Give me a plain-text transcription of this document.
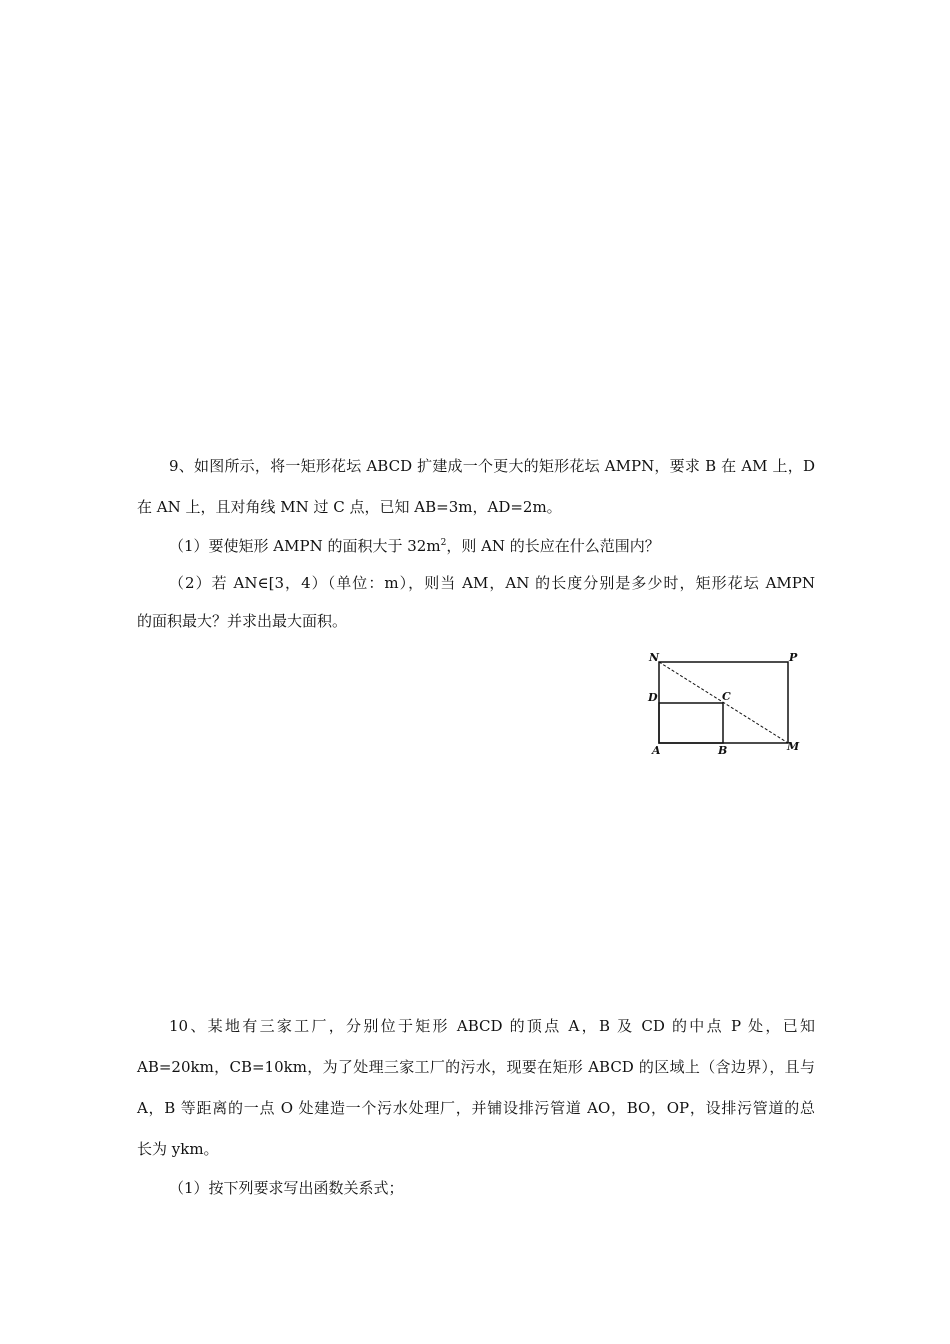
9、如图所示，将一矩形花坛 ABCD 扩建成一个更大的矩形花坛 AMPN，要求 B 在 AM 上，D
在 AN 上，且对角线 MN 过 C 点，已知 AB=3m，AD=2m。
（1）要使矩形 AMPN 的面积大于 $32m^2$，则 AN 的长应在什么范围内？
（2）若 AN∈[3，4）（单位：m），则当 AM，AN 的长度分别是多少时，矩形花坛 AMPN
的面积最大？并求出最大面积。
N	P
D	C
A	B	M
10、某地有三家工厂，分别位于矩形 ABCD 的顶点 A，B 及 CD 的中点 P 处，已知
AB=20km，CB=10km，为了处理三家工厂的污水，现要在矩形 ABCD 的区域上（含边界），且与
A，B 等距离的一点 O 处建造一个污水处理厂，并铺设排污管道 AO，BO，OP，设排污管道的总
长为 ykm。
（1）按下列要求写出函数关系式；
